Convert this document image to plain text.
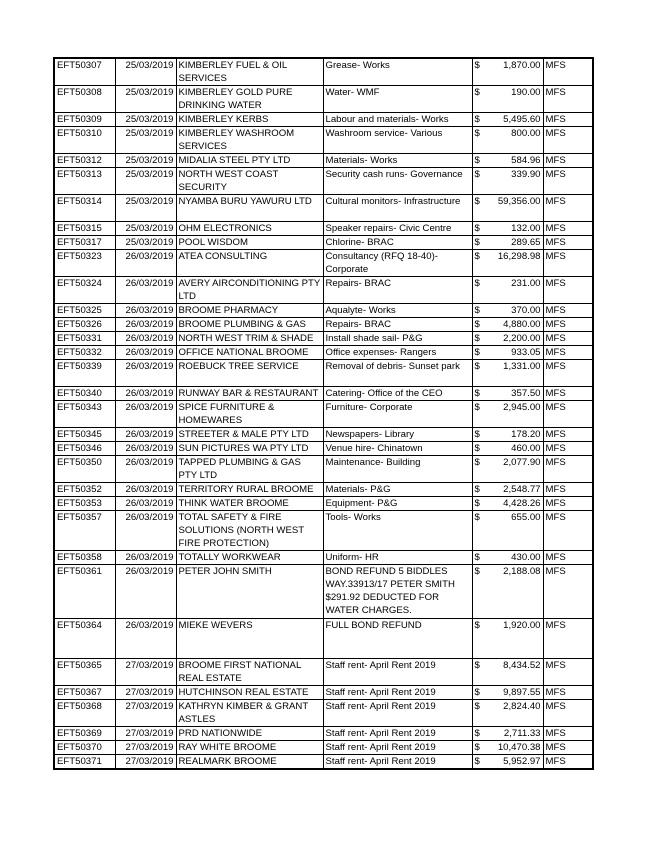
EFT50307	25/03/2019	KIMBERLEY FUEL & OIL SERVICES	Grease- Works	$	1,870.00	MFS
EFT50308	25/03/2019	KIMBERLEY GOLD PURE DRINKING WATER	Water- WMF	$	190.00	MFS
EFT50309	25/03/2019	KIMBERLEY KERBS	Labour and materials- Works	$	5,495.60	MFS
EFT50310	25/03/2019	KIMBERLEY WASHROOM SERVICES	Washroom service- Various	$	800.00	MFS
EFT50312	25/03/2019	MIDALIA STEEL PTY LTD	Materials- Works	$	584.96	MFS
EFT50313	25/03/2019	NORTH WEST COAST SECURITY	Security cash runs- Governance	$	339.90	MFS
EFT50314	25/03/2019	NYAMBA BURU YAWURU LTD	Cultural monitors- Infrastructure	$	59,356.00	MFS
EFT50315	25/03/2019	OHM ELECTRONICS	Speaker repairs- Civic Centre	$	132.00	MFS
EFT50317	25/03/2019	POOL WISDOM	Chlorine- BRAC	$	289.65	MFS
EFT50323	26/03/2019	ATEA CONSULTING	Consultancy (RFQ 18-40)- Corporate	$	16,298.98	MFS
EFT50324	26/03/2019	AVERY AIRCONDITIONING PTY LTD	Repairs- BRAC	$	231.00	MFS
EFT50325	26/03/2019	BROOME PHARMACY	Aqualyte- Works	$	370.00	MFS
EFT50326	26/03/2019	BROOME PLUMBING & GAS	Repairs- BRAC	$	4,880.00	MFS
EFT50331	26/03/2019	NORTH WEST TRIM & SHADE	Install shade sail- P&G	$	2,200.00	MFS
EFT50332	26/03/2019	OFFICE NATIONAL BROOME	Office expenses- Rangers	$	933.05	MFS
EFT50339	26/03/2019	ROEBUCK TREE SERVICE	Removal of debris- Sunset park	$	1,331.00	MFS
EFT50340	26/03/2019	RUNWAY BAR & RESTAURANT	Catering- Office of the CEO	$	357.50	MFS
EFT50343	26/03/2019	SPICE FURNITURE & HOMEWARES	Furniture- Corporate	$	2,945.00	MFS
EFT50345	26/03/2019	STREETER & MALE PTY LTD	Newspapers- Library	$	178.20	MFS
EFT50346	26/03/2019	SUN PICTURES WA PTY LTD	Venue hire- Chinatown	$	460.00	MFS
EFT50350	26/03/2019	TAPPED PLUMBING & GAS PTY LTD	Maintenance- Building	$	2,077.90	MFS
EFT50352	26/03/2019	TERRITORY RURAL BROOME	Materials- P&G	$	2,548.77	MFS
EFT50353	26/03/2019	THINK WATER BROOME	Equipment- P&G	$	4,428.26	MFS
EFT50357	26/03/2019	TOTAL SAFETY & FIRE SOLUTIONS (NORTH WEST FIRE PROTECTION)	Tools- Works	$	655.00	MFS
EFT50358	26/03/2019	TOTALLY WORKWEAR	Uniform- HR	$	430.00	MFS
EFT50361	26/03/2019	PETER JOHN SMITH	BOND REFUND 5 BIDDLES WAY.33913/17 PETER SMITH $291.92 DEDUCTED FOR WATER CHARGES.	$	2,188.08	MFS
EFT50364	26/03/2019	MIEKE WEVERS	FULL BOND REFUND	$	1,920.00	MFS
EFT50365	27/03/2019	BROOME FIRST NATIONAL REAL ESTATE	Staff rent- April Rent 2019	$	8,434.52	MFS
EFT50367	27/03/2019	HUTCHINSON REAL ESTATE	Staff rent- April Rent 2019	$	9,897.55	MFS
EFT50368	27/03/2019	KATHRYN KIMBER & GRANT ASTLES	Staff rent- April Rent 2019	$	2,824.40	MFS
EFT50369	27/03/2019	PRD NATIONWIDE	Staff rent- April Rent 2019	$	2,711.33	MFS
EFT50370	27/03/2019	RAY WHITE BROOME	Staff rent- April Rent 2019	$	10,470.38	MFS
EFT50371	27/03/2019	REALMARK BROOME	Staff rent- April Rent 2019	$	5,952.97	MFS
